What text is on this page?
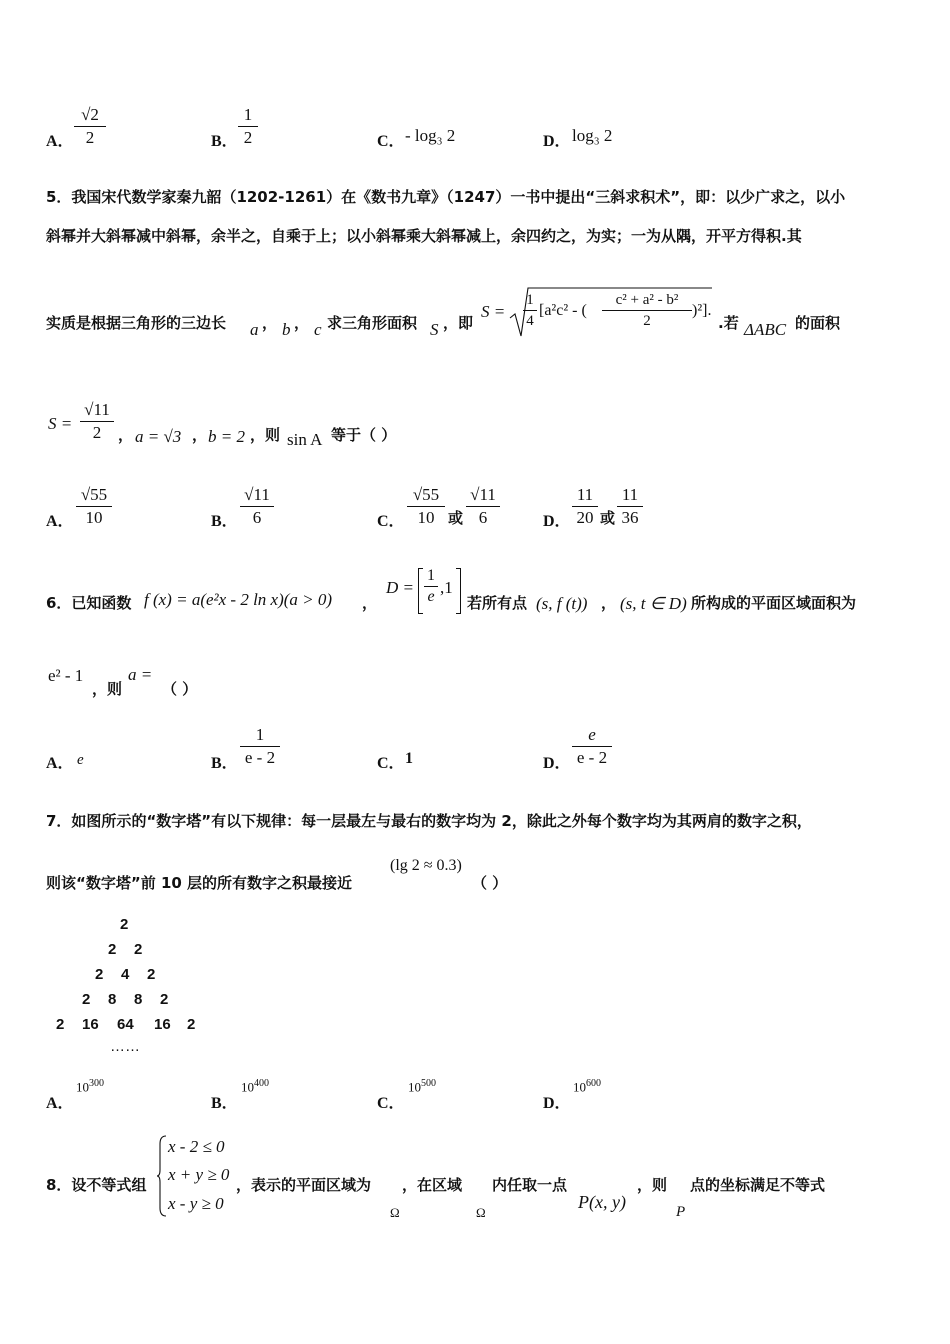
A．
√2
2	B．
1
2	C． - log₃ 2	D． log₃ 2
5．我国宋代数学家秦九韶（1202-1261）在《数书九章》（1247）一书中提出“三斜求积术”，即：以少广求之，以小
斜幂并大斜幂减中斜幂，余半之，自乘于上；以小斜幂乘大斜幂减上，余四约之，为实；一为从隅，开平方得积.其
实质是根据三角形的三边长 a ， b ， c 求三角形面积 S ，即
S =
1
4
[a²c² - (
c² + a² - b²
2
)²].
.若 ΔABC 的面积
S =
√11
2	， a = √3 ， b = 2 ，则 sin A 等于（ ）
A．
√55
10	B．
√11
6	C．
√55
10 或
√11
6	D．
11
20 或
11
36
6．已知函数 f (x) = a(e²x - 2 ln x)(a > 0) ，
D =
1
e ,1
若所有点 (s, f (t)) ， (s, t ∈ D) 所构成的平面区域面积为
e² - 1
，则
a =
（ ）
A． e	B．
1
e - 2	C． 1	D．
e
e - 2
7．如图所示的“数字塔”有以下规律：每一层最左与最右的数字均为 2，除此之外每个数字均为其两肩的数字之积，
则该“数字塔”前 10 层的所有数字之积最接近
(lg 2 ≈ 0.3)
（ ）
2
2 2
2 4 2
2 8 8 2
2 16 64 16 2
……
A．
$10^{300}$
B．
$10^{400}$
C．
$10^{500}$
D．
$10^{600}$
8．设不等式组
x - 2 ≤ 0
x + y ≥ 0
x - y ≥ 0
，表示的平面区域为
Ω
，在区域
Ω
内任取一点
P(x, y)
，则
P
点的坐标满足不等式
